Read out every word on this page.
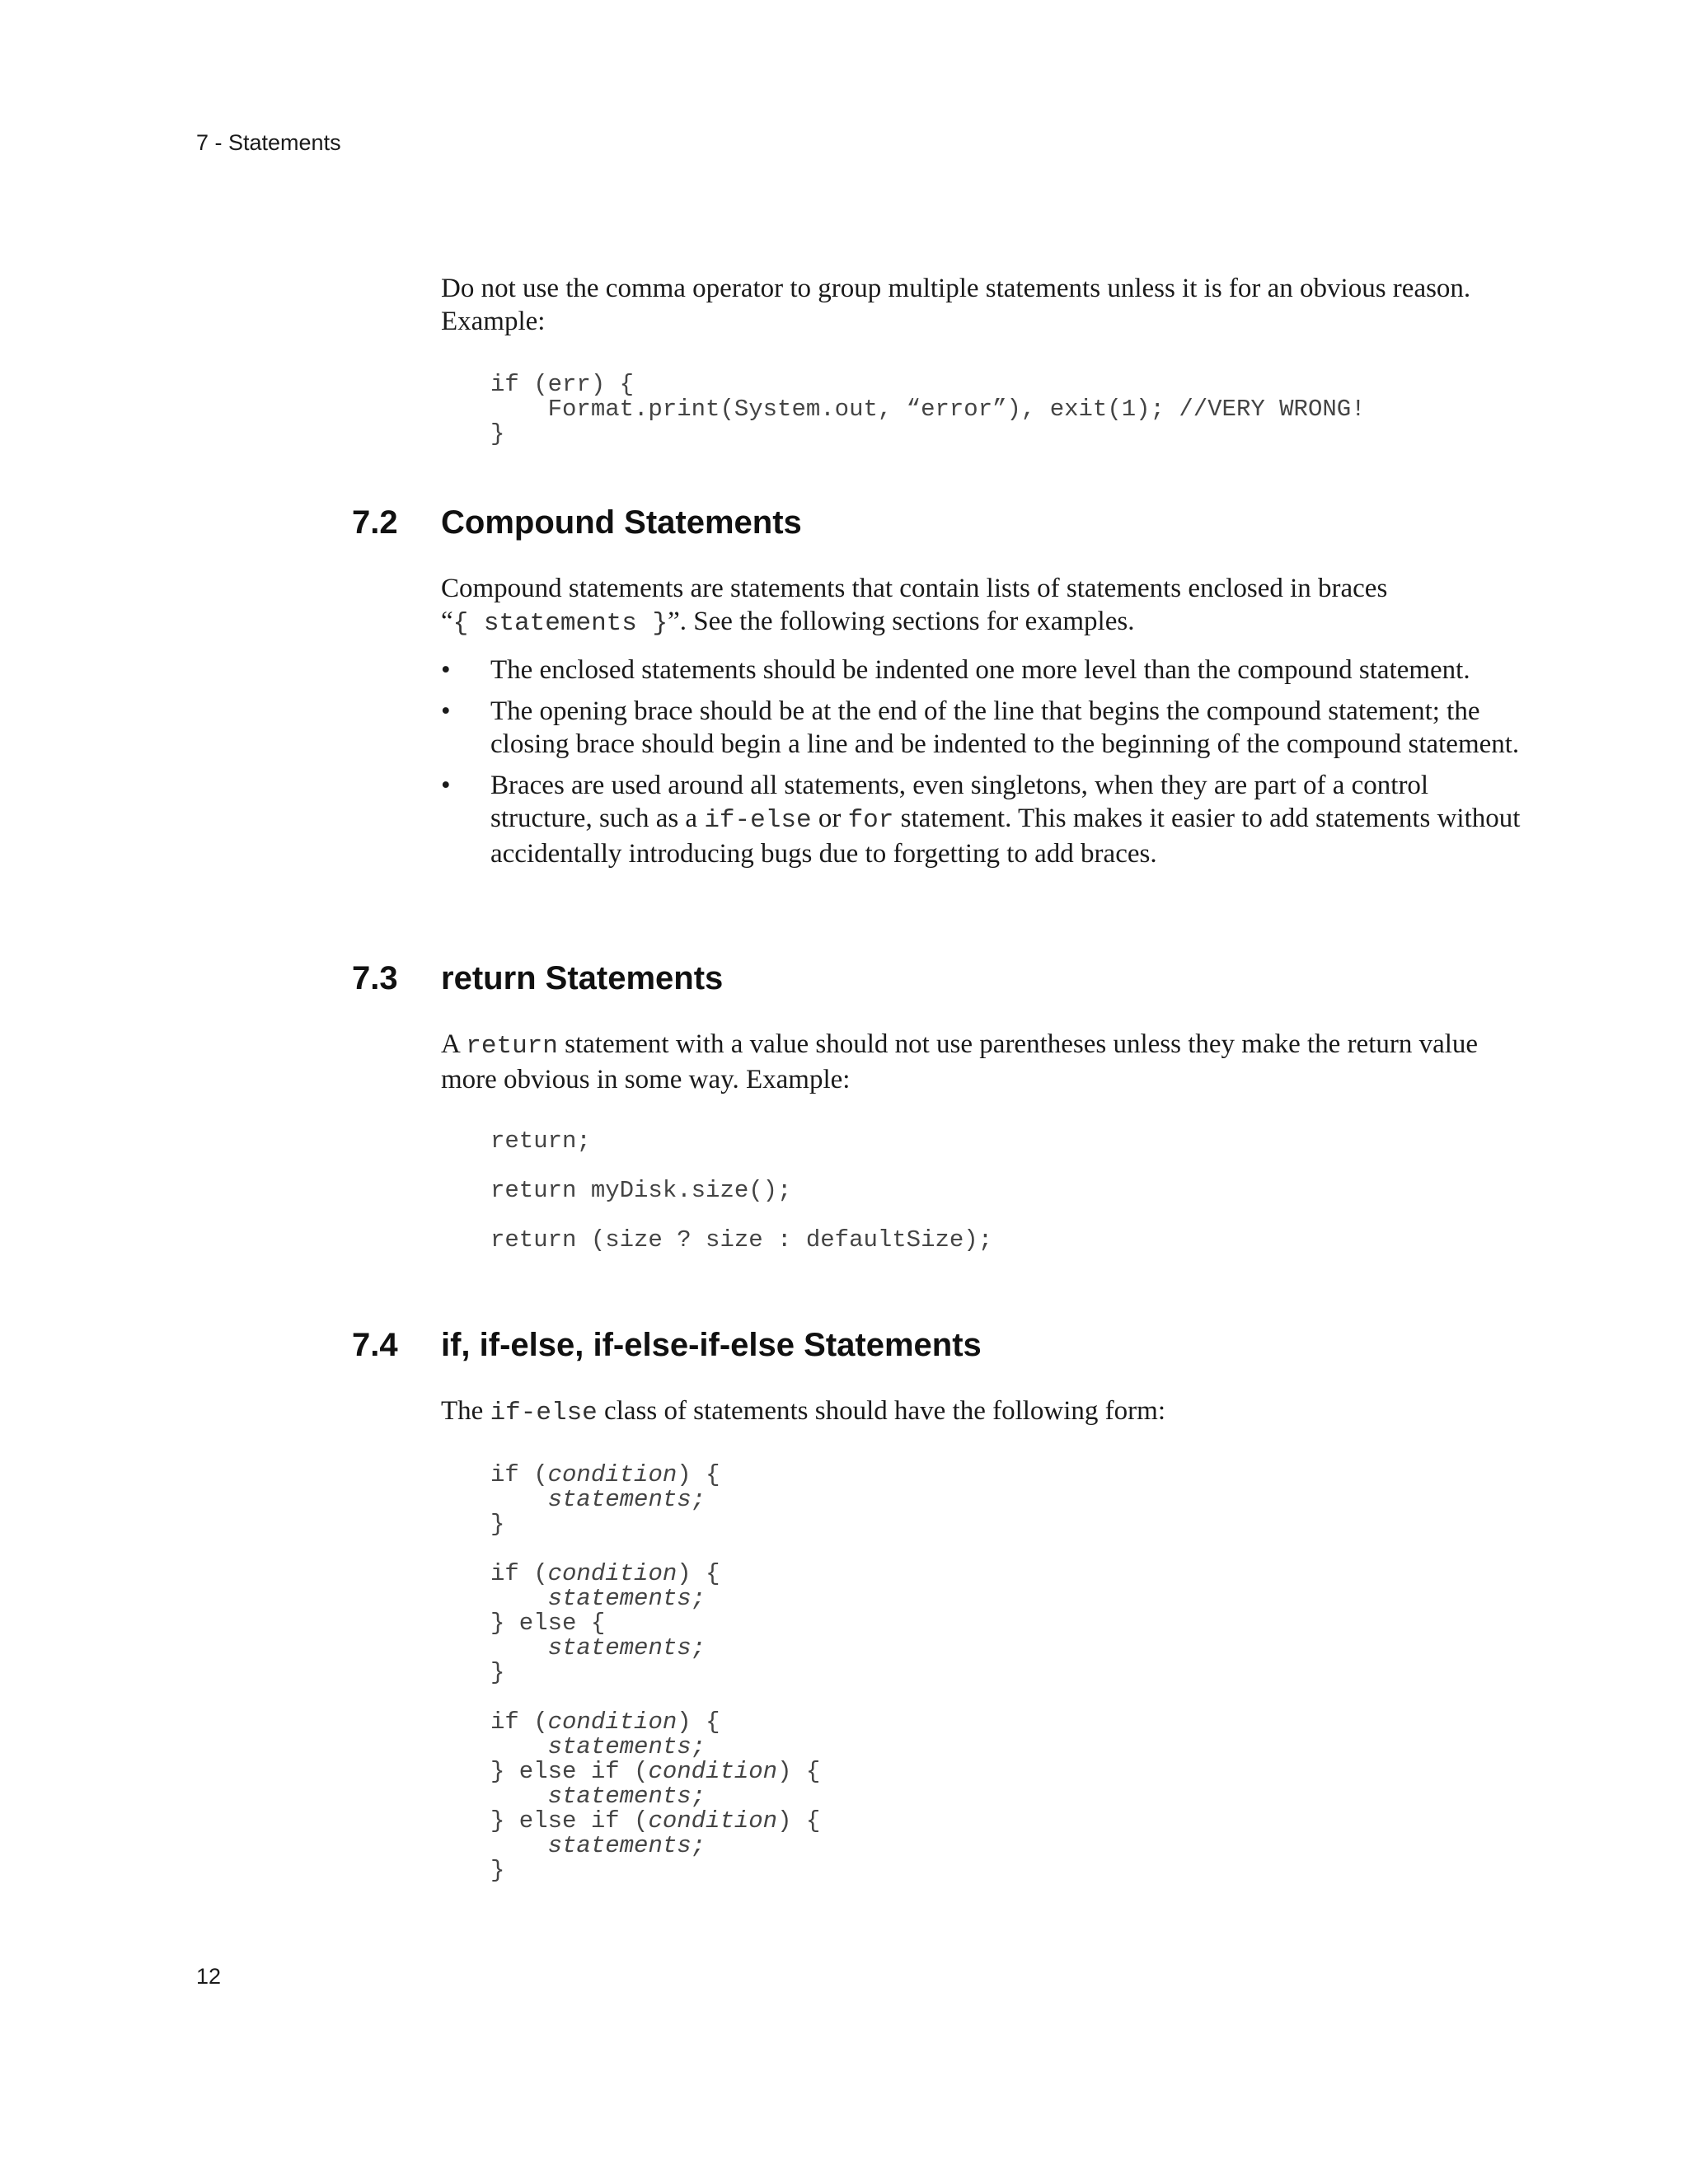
7 - Statements

Do not use the comma operator to group multiple statements unless it is for an obvious reason.
Example:

if (err) {
Format.print(System.out, “error”), exit(1); //VERY WRONG!
}
7.2 Compound Statements

Compound statements are statements that contain lists of statements enclosed in braces
“{ statements }”. See the following sections for examples.

• The enclosed statements should be indented one more level than the compound statement.
• The opening brace should be at the end of the line that begins the compound statement; the closing brace should begin a line and be indented to the beginning of the compound statement.
• Braces are used around all statements, even singletons, when they are part of a control structure, such as a if-else or for statement. This makes it easier to add statements without accidentally introducing bugs due to forgetting to add braces.
7.3 return Statements

A return statement with a value should not use parentheses unless they make the return value more obvious in some way. Example:

return;

return myDisk.size();

return (size ? size : defaultSize);
7.4 if, if-else, if-else-if-else Statements

The if-else class of statements should have the following form:

if (condition) {
statements;
}

if (condition) {
statements;
} else {
statements;
}

if (condition) {
statements;
} else if (condition) {
statements;
} else if (condition) {
statements;
}
12
